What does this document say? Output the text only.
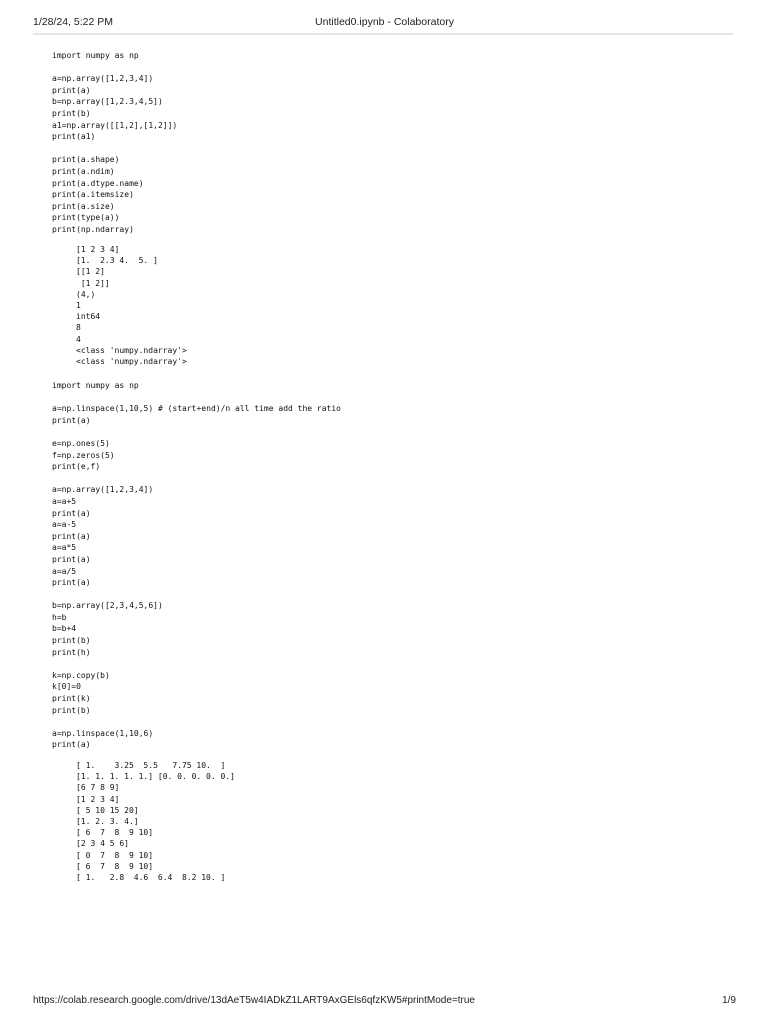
1/28/24, 5:22 PM	Untitled0.ipynb - Colaboratory
import numpy as np

a=np.array([1,2,3,4])
print(a)
b=np.array([1,2.3,4,5])
print(b)
a1=np.array([[1,2],[1,2]])
print(a1)

print(a.shape)
print(a.ndim)
print(a.dtype.name)
print(a.itemsize)
print(a.size)
print(type(a))
print(np.ndarray)
[1 2 3 4]
[1.  2.3 4.  5. ]
[[1 2]
[1 2]]
(4,)
1
int64
8
4
<class 'numpy.ndarray'>
<class 'numpy.ndarray'>
import numpy as np

a=np.linspace(1,10,5) # (start+end)/n all time add the ratio
print(a)

e=np.ones(5)
f=np.zeros(5)
print(e,f)

a=np.array([1,2,3,4])
a=a+5
print(a)
a=a-5
print(a)
a=a*5
print(a)
a=a/5
print(a)

b=np.array([2,3,4,5,6])
h=b
b=b+4
print(b)
print(h)

k=np.copy(b)
k[0]=0
print(k)
print(b)

a=np.linspace(1,10,6)
print(a)
[ 1.    3.25  5.5   7.75 10.  ]
[1. 1. 1. 1. 1.] [0. 0. 0. 0. 0.]
[6 7 8 9]
[1 2 3 4]
[ 5 10 15 20]
[1. 2. 3. 4.]
[ 6  7  8  9 10]
[2 3 4 5 6]
[ 0  7  8  9 10]
[ 6  7  8  9 10]
[ 1.   2.8  4.6  6.4  8.2 10. ]
https://colab.research.google.com/drive/13dAeT5w4IADkZ1LART9AxGEls6qfzKW5#printMode=true	1/9
